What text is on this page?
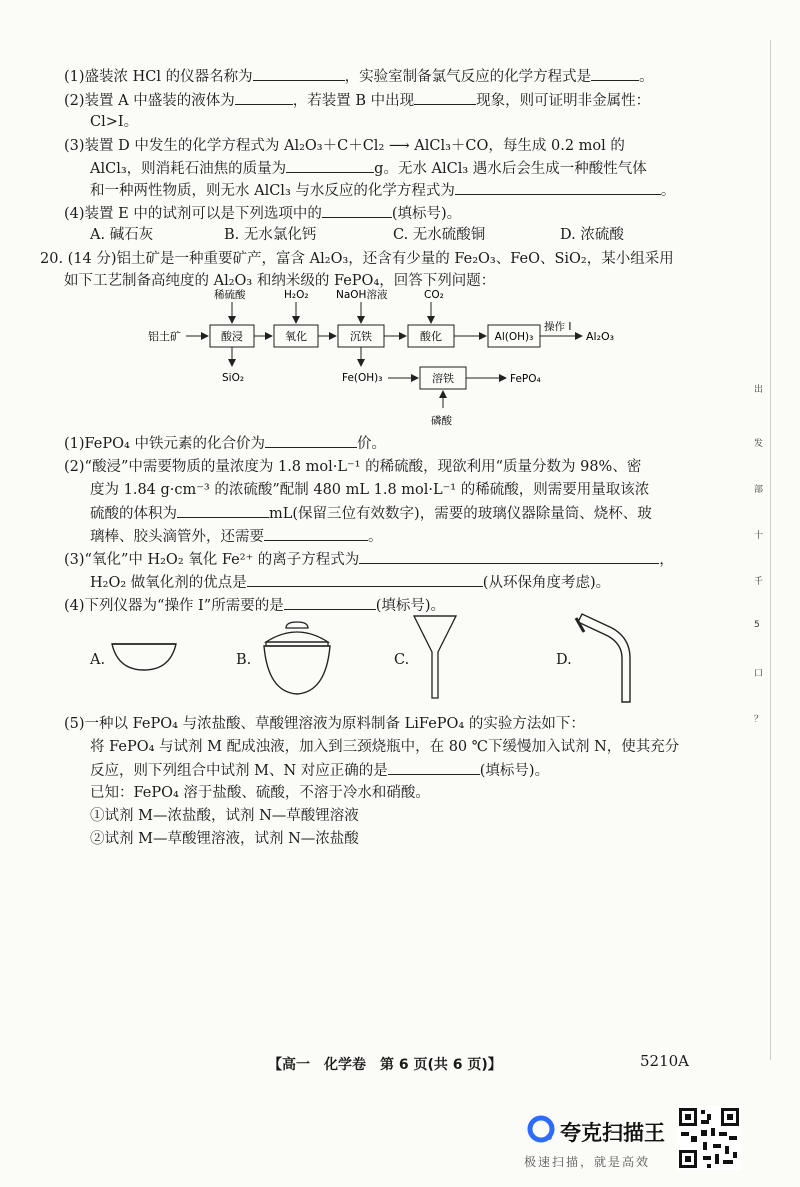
(1)盛装浓 HCl 的仪器名称为	，实验室制备氯气反应的化学方程式是	。
(2)装置 A 中盛装的液体为	，若装置 B 中出现	现象，则可证明非金属性：
Cl>I。
(3)装置 D 中发生的化学方程式为 Al₂O₃＋C＋Cl₂ ⟶ AlCl₃＋CO，每生成 0.2 mol 的
AlCl₃，则消耗石油焦的质量为	g。无水 AlCl₃ 遇水后会生成一种酸性气体
和一种两性物质，则无水 AlCl₃ 与水反应的化学方程式为	。
(4)装置 E 中的试剂可以是下列选项中的	(填标号)。
A. 碱石灰	B. 无水氯化钙	C. 无水硫酸铜	D. 浓硫酸
20. (14 分)铝土矿是一种重要矿产，富含 Al₂O₃，还含有少量的 Fe₂O₃、FeO、SiO₂，某小组采用
如下工艺制备高纯度的 Al₂O₃ 和纳米级的 FePO₄，回答下列问题：
铝土矿	酸浸	氧化	沉铁	酸化	Al(OH)₃
操作 I
Al₂O₃
稀硫酸	H₂O₂	NaOH溶液	CO₂
SiO₂	Fe(OH)₃	溶铁	FePO₄
磷酸
(1)FePO₄ 中铁元素的化合价为	价。
(2)“酸浸”中需要物质的量浓度为 1.8 mol·L⁻¹ 的稀硫酸，现欲利用“质量分数为 98%、密
度为 1.84 g·cm⁻³ 的浓硫酸”配制 480 mL 1.8 mol·L⁻¹ 的稀硫酸，则需要用量取该浓
硫酸的体积为	mL(保留三位有效数字)，需要的玻璃仪器除量筒、烧杯、玻
璃棒、胶头滴管外，还需要	。
(3)“氧化”中 H₂O₂ 氧化 Fe²⁺ 的离子方程式为	，
H₂O₂ 做氧化剂的优点是	(从环保角度考虑)。
(4)下列仪器为“操作 I”所需要的是	(填标号)。
A.	B.	C.	D.
(5)一种以 FePO₄ 与浓盐酸、草酸锂溶液为原料制备 LiFePO₄ 的实验方法如下：
将 FePO₄ 与试剂 M 配成浊液，加入到三颈烧瓶中，在 80 ℃下缓慢加入试剂 N，使其充分
反应，则下列组合中试剂 M、N 对应正确的是	(填标号)。
已知：FePO₄ 溶于盐酸、硫酸，不溶于冷水和硝酸。
①试剂 M—浓盐酸，试剂 N—草酸锂溶液
②试剂 M—草酸锂溶液，试剂 N—浓盐酸
出
发
部
十
千
5
口
？
【高一　化学卷　第 6 页(共 6 页)】	5210A
夸克扫描王
极速扫描，就是高效
